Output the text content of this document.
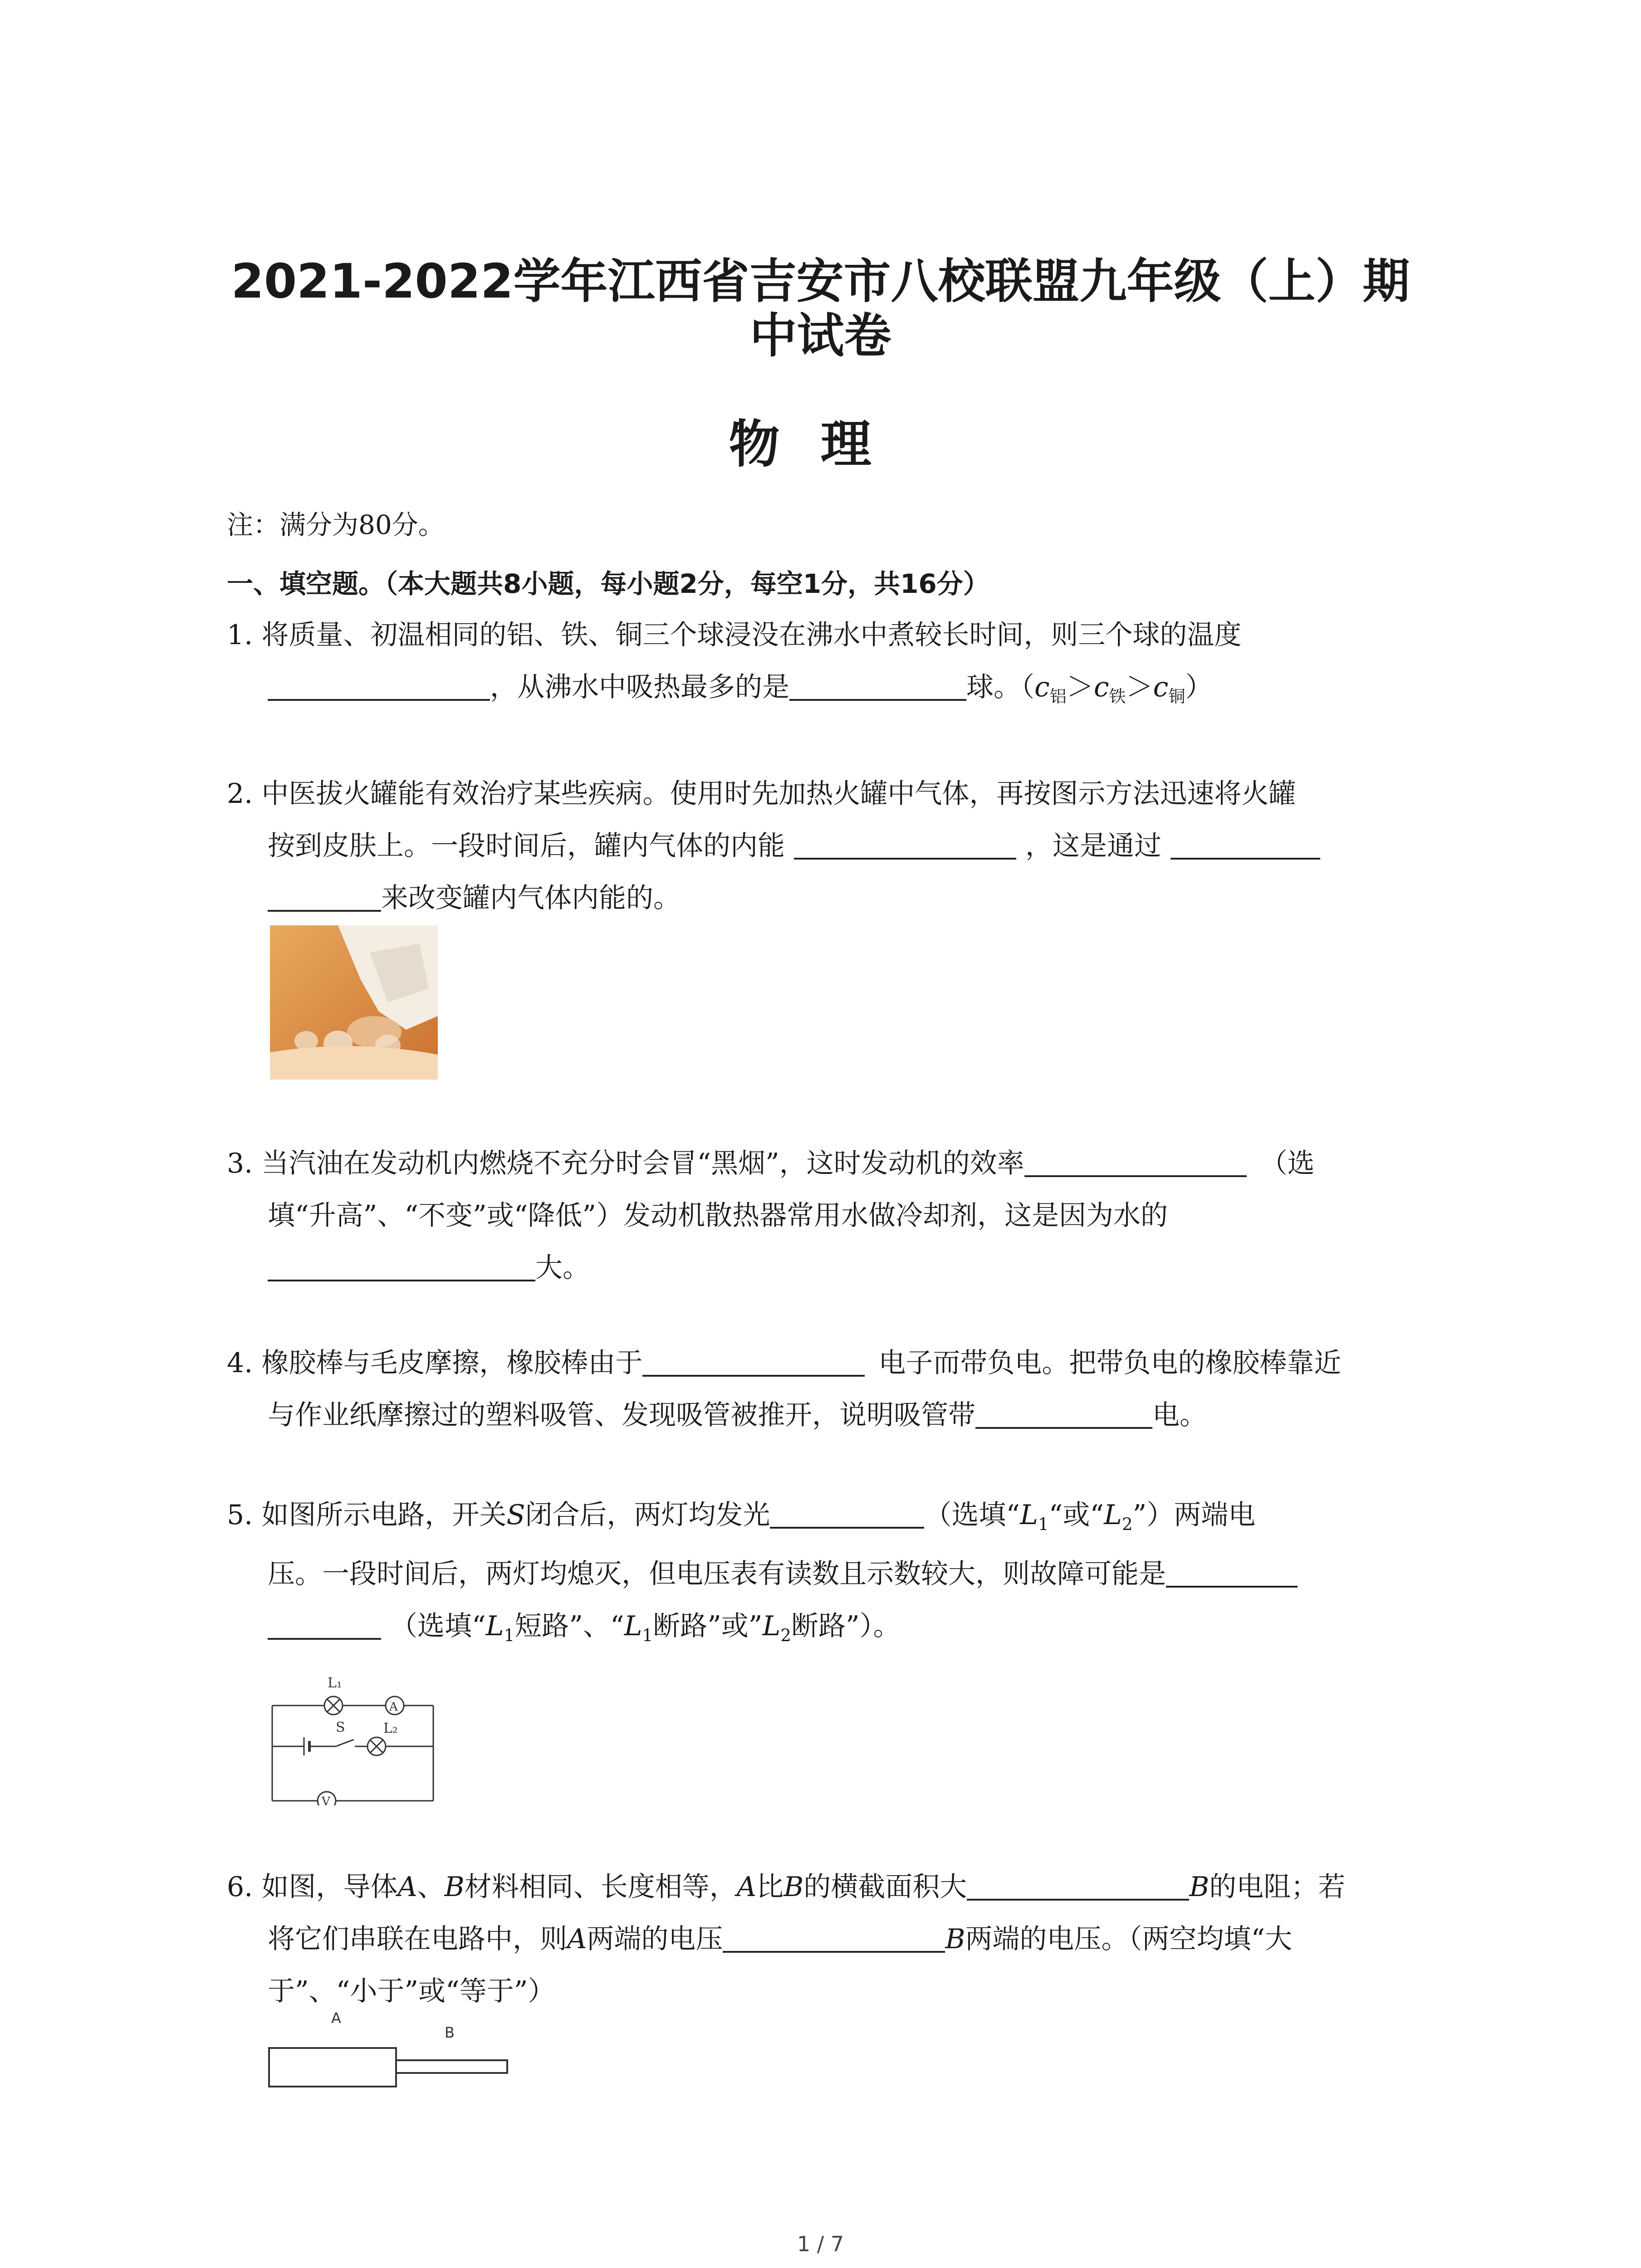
2021-2022学年江西省吉安市八校联盟九年级（上）期
中试卷
物理
注：满分为80分。
一、填空题。（本大题共8小题，每小题2分，每空1分，共16分）
1. 将质量、初温相同的铝、铁、铜三个球浸没在沸水中煮较长时间，则三个球的温度
，从沸水中吸热最多的是	球。$(c_铝>c_铁>c_铜)$
2. 中医拔火罐能有效治疗某些疾病。使用时先加热火罐中气体，再按图示方法迅速将火罐
按到皮肤上。一段时间后，罐内气体的内能	，这是通过
来改变罐内气体内能的。
3. 当汽油在发动机内燃烧不充分时会冒“黑烟”，这时发动机的效率	（选
填“升高”、“不变”或“降低”）发动机散热器常用水做冷却剂，这是因为水的
大。
4. 橡胶棒与毛皮摩擦，橡胶棒由于	电子而带负电。把带负电的橡胶棒靠近
与作业纸摩擦过的塑料吸管、发现吸管被推开，说明吸管带	电。
5. 如图所示电路，开关S闭合后，两灯均发光	（选填“$L_1“$或“$L_2$”）两端电
压。一段时间后，两灯均熄灭，但电压表有读数且示数较大，则故障可能是
（选填“$L_1$短路”、“$L_1$断路”或$”L_2$断路”）。
L₁
A
S	L₂
V
6. 如图，导体A、B材料相同、长度相等，A比B的横截面积大	B的电阻；若
将它们串联在电路中，则A两端的电压	B两端的电压。（两空均填“大
于”、“小于”或“等于”）
A
B
1 / 7
